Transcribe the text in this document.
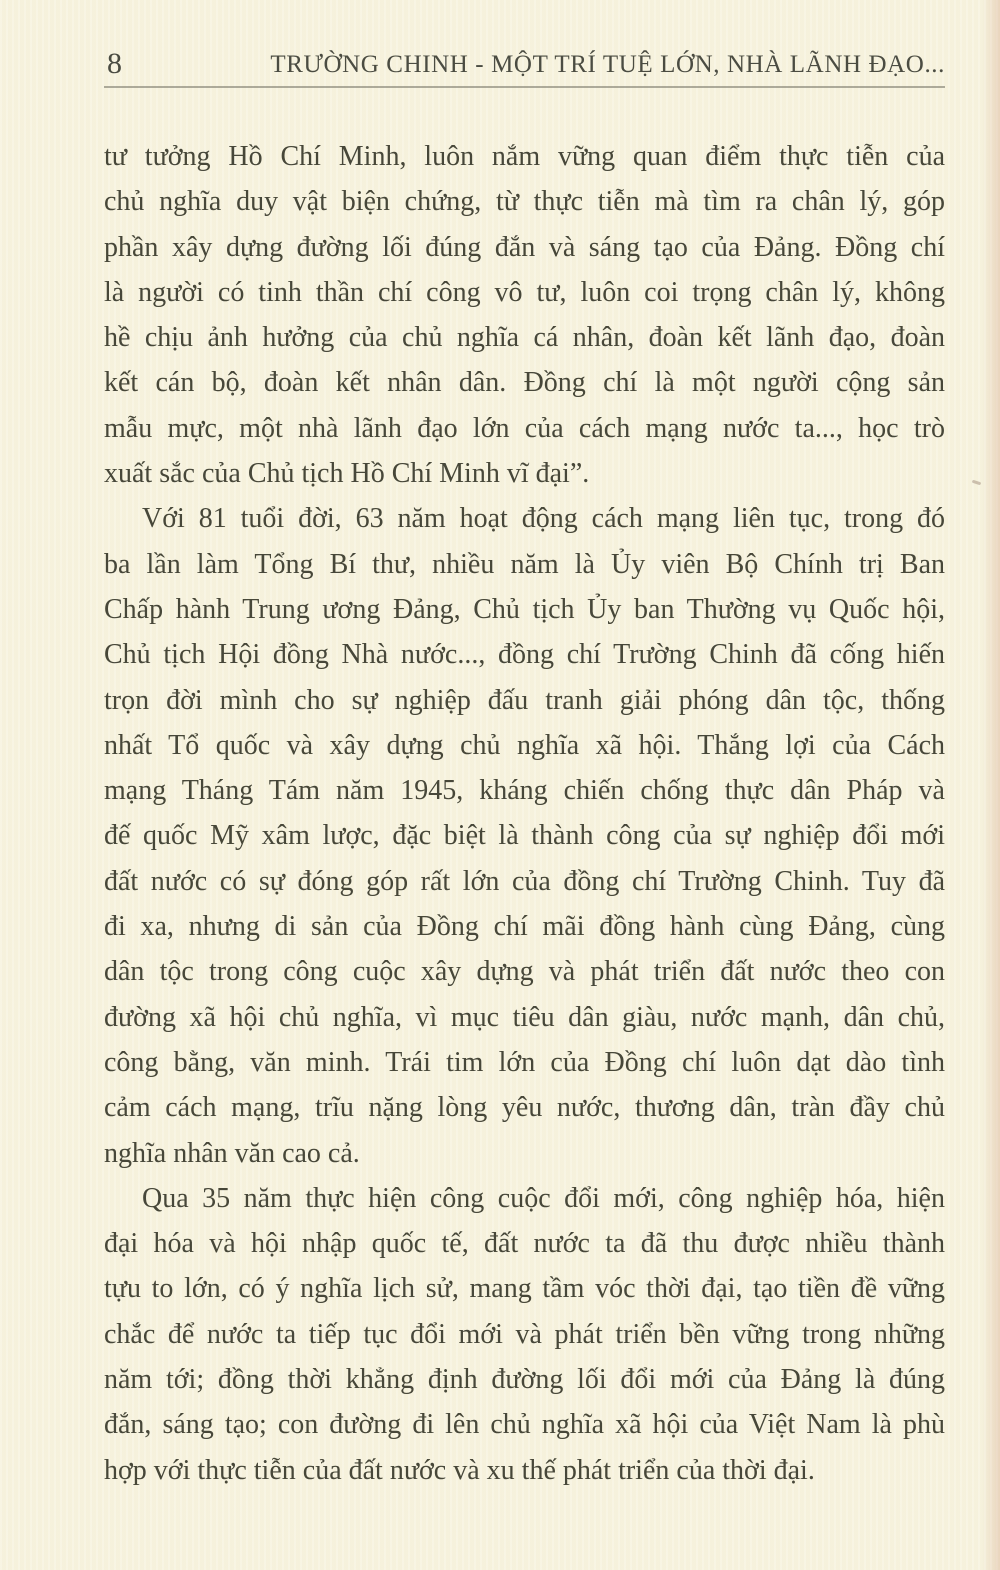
8	TRƯỜNG CHINH - MỘT TRÍ TUỆ LỚN, NHÀ LÃNH ĐẠO...
tư tưởng Hồ Chí Minh, luôn nắm vững quan điểm thực tiễn của
chủ nghĩa duy vật biện chứng, từ thực tiễn mà tìm ra chân lý, góp
phần xây dựng đường lối đúng đắn và sáng tạo của Đảng. Đồng chí
là người có tinh thần chí công vô tư, luôn coi trọng chân lý, không
hề chịu ảnh hưởng của chủ nghĩa cá nhân, đoàn kết lãnh đạo, đoàn
kết cán bộ, đoàn kết nhân dân. Đồng chí là một người cộng sản
mẫu mực, một nhà lãnh đạo lớn của cách mạng nước ta..., học trò
xuất sắc của Chủ tịch Hồ Chí Minh vĩ đại”.
Với 81 tuổi đời, 63 năm hoạt động cách mạng liên tục, trong đó
ba lần làm Tổng Bí thư, nhiều năm là Ủy viên Bộ Chính trị Ban
Chấp hành Trung ương Đảng, Chủ tịch Ủy ban Thường vụ Quốc hội,
Chủ tịch Hội đồng Nhà nước..., đồng chí Trường Chinh đã cống hiến
trọn đời mình cho sự nghiệp đấu tranh giải phóng dân tộc, thống
nhất Tổ quốc và xây dựng chủ nghĩa xã hội. Thắng lợi của Cách
mạng Tháng Tám năm 1945, kháng chiến chống thực dân Pháp và
đế quốc Mỹ xâm lược, đặc biệt là thành công của sự nghiệp đổi mới
đất nước có sự đóng góp rất lớn của đồng chí Trường Chinh. Tuy đã
đi xa, nhưng di sản của Đồng chí mãi đồng hành cùng Đảng, cùng
dân tộc trong công cuộc xây dựng và phát triển đất nước theo con
đường xã hội chủ nghĩa, vì mục tiêu dân giàu, nước mạnh, dân chủ,
công bằng, văn minh. Trái tim lớn của Đồng chí luôn dạt dào tình
cảm cách mạng, trĩu nặng lòng yêu nước, thương dân, tràn đầy chủ
nghĩa nhân văn cao cả.
Qua 35 năm thực hiện công cuộc đổi mới, công nghiệp hóa, hiện
đại hóa và hội nhập quốc tế, đất nước ta đã thu được nhiều thành
tựu to lớn, có ý nghĩa lịch sử, mang tầm vóc thời đại, tạo tiền đề vững
chắc để nước ta tiếp tục đổi mới và phát triển bền vững trong những
năm tới; đồng thời khẳng định đường lối đổi mới của Đảng là đúng
đắn, sáng tạo; con đường đi lên chủ nghĩa xã hội của Việt Nam là phù
hợp với thực tiễn của đất nước và xu thế phát triển của thời đại.
